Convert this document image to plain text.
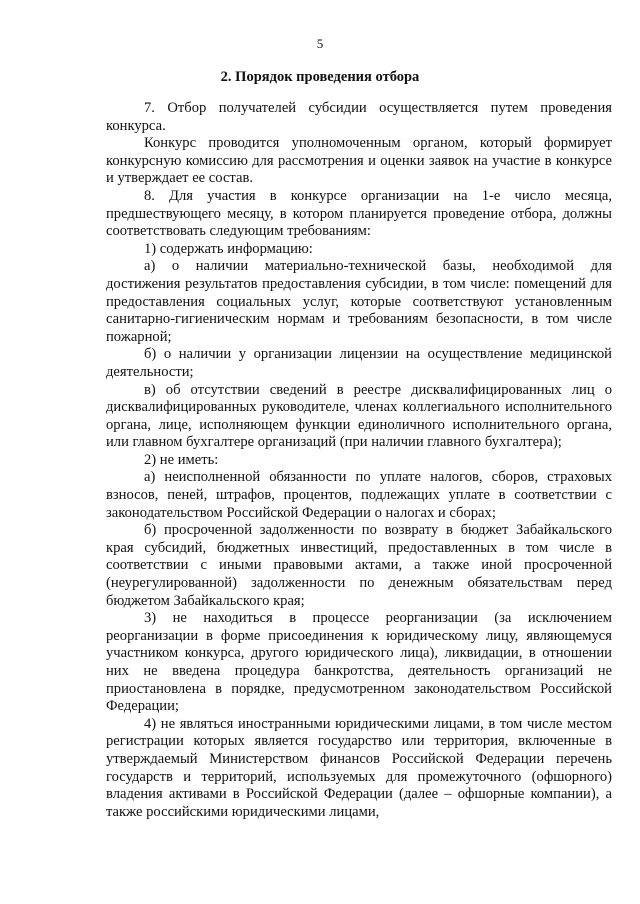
5
2. Порядок проведения отбора

7. Отбор получателей субсидии осуществляется путем проведения конкурса.

Конкурс проводится уполномоченным органом, который формирует конкурсную комиссию для рассмотрения и оценки заявок на участие в конкурсе и утверждает ее состав.

8. Для участия в конкурсе организации на 1-е число месяца, предшествующего месяцу, в котором планируется проведение отбора, должны соответствовать следующим требованиям:

1) содержать информацию:

а) о наличии материально-технической базы, необходимой для достижения результатов предоставления субсидии, в том числе: помещений для предоставления социальных услуг, которые соответствуют установленным санитарно-гигиеническим нормам и требованиям безопасности, в том числе пожарной;

б) о наличии у организации лицензии на осуществление медицинской деятельности;

в) об отсутствии сведений в реестре дисквалифицированных лиц о дисквалифицированных руководителе, членах коллегиального исполнительного органа, лице, исполняющем функции единоличного исполнительного органа, или главном бухгалтере организаций (при наличии главного бухгалтера);

2) не иметь:

а) неисполненной обязанности по уплате налогов, сборов, страховых взносов, пеней, штрафов, процентов, подлежащих уплате в соответствии с законодательством Российской Федерации о налогах и сборах;

б) просроченной задолженности по возврату в бюджет Забайкальского края субсидий, бюджетных инвестиций, предоставленных в том числе в соответствии с иными правовыми актами, а также иной просроченной (неурегулированной) задолженности по денежным обязательствам перед бюджетом Забайкальского края;

3) не находиться в процессе реорганизации (за исключением реорганизации в форме присоединения к юридическому лицу, являющемуся участником конкурса, другого юридического лица), ликвидации, в отношении них не введена процедура банкротства, деятельность организаций не приостановлена в порядке, предусмотренном законодательством Российской Федерации;

4) не являться иностранными юридическими лицами, в том числе местом регистрации которых является государство или территория, включенные в утверждаемый Министерством финансов Российской Федерации перечень государств и территорий, используемых для промежуточного (офшорного) владения активами в Российской Федерации (далее – офшорные компании), а также российскими юридическими лицами,
